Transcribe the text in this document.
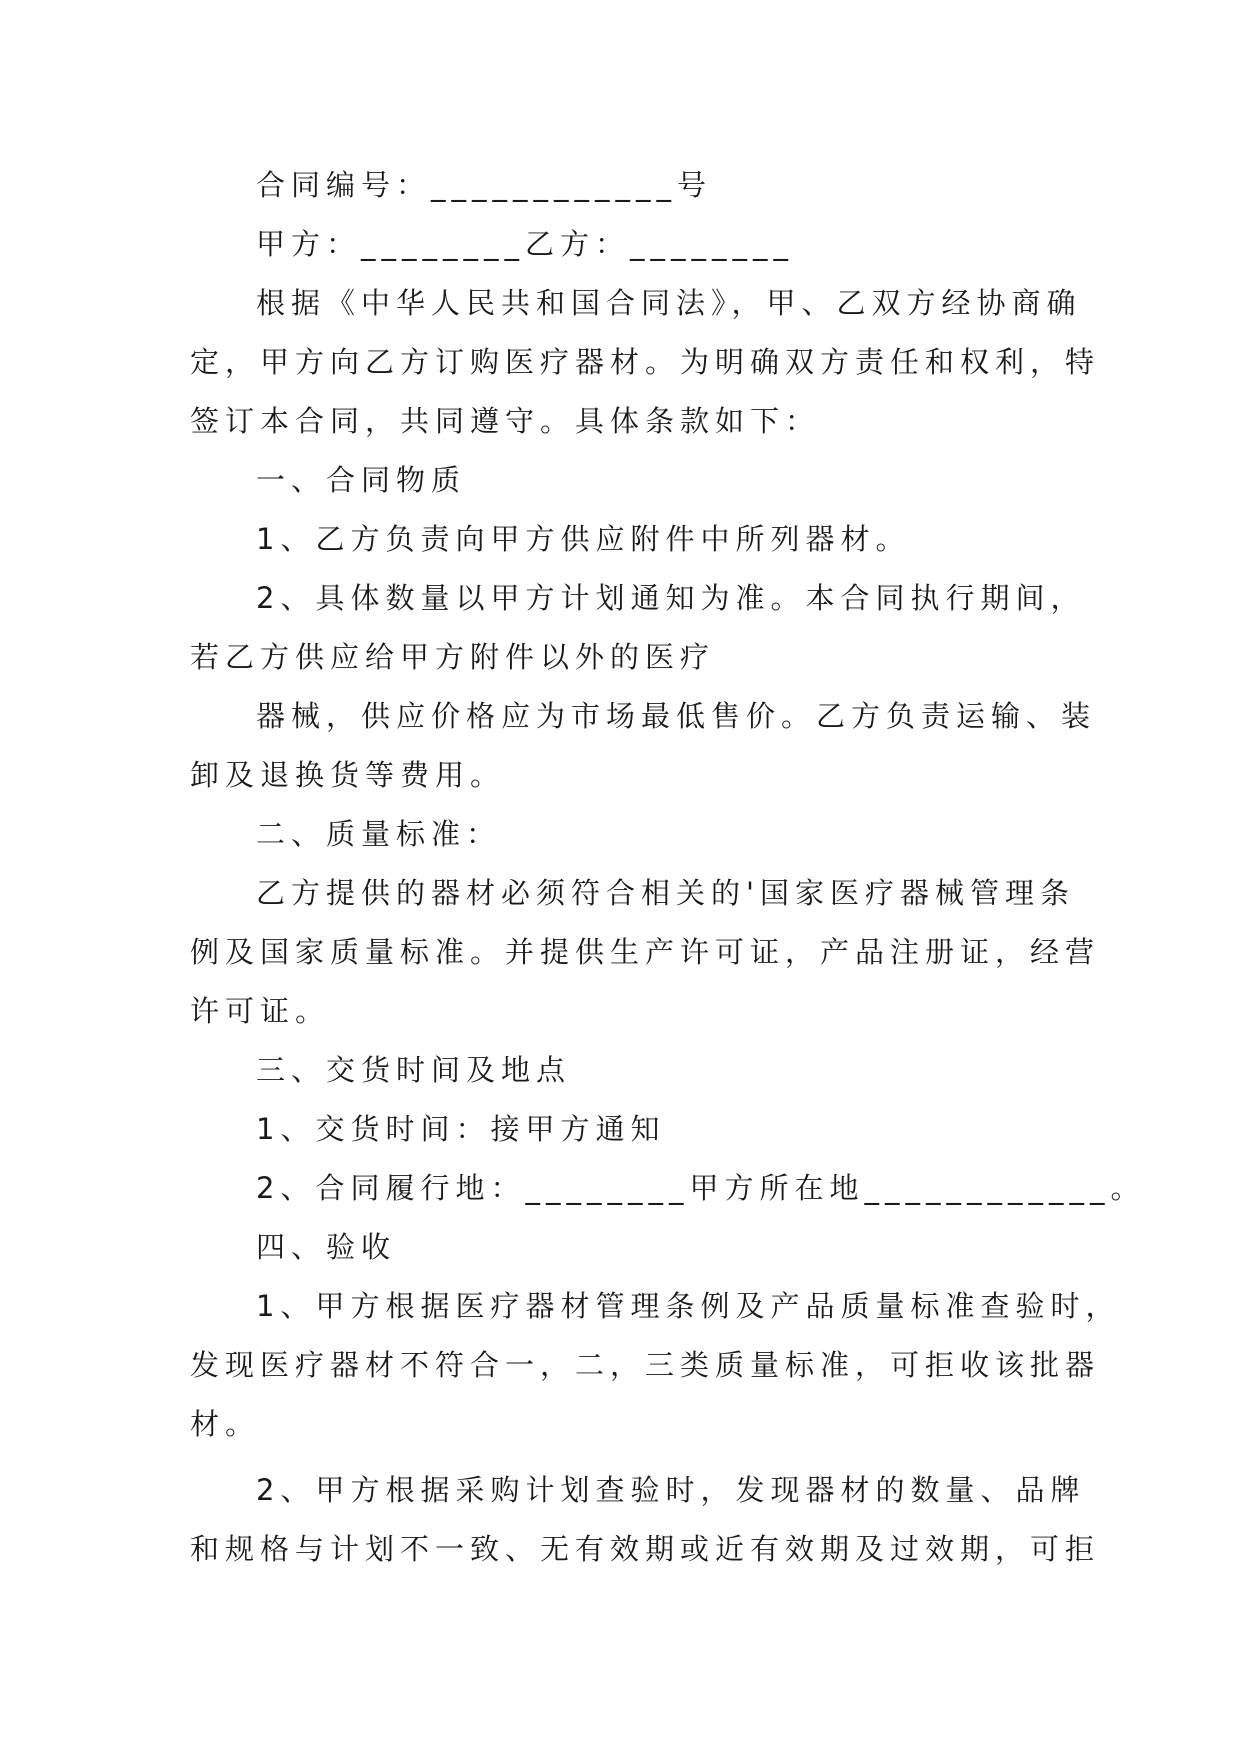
合同编号：____________号

甲方：________乙方：________

根据《中华人民共和国合同法》，甲、乙双方经协商确

定，甲方向乙方订购医疗器材。为明确双方责任和权利，特

签订本合同，共同遵守。具体条款如下：

一、合同物质

1、乙方负责向甲方供应附件中所列器材。

2、具体数量以甲方计划通知为准。本合同执行期间，

若乙方供应给甲方附件以外的医疗

器械，供应价格应为市场最低售价。乙方负责运输、装

卸及退换货等费用。

二、质量标准：

乙方提供的器材必须符合相关的'国家医疗器械管理条

例及国家质量标准。并提供生产许可证，产品注册证，经营

许可证。

三、交货时间及地点

1、交货时间：接甲方通知

2、合同履行地：________甲方所在地____________。

四、验收

1、甲方根据医疗器材管理条例及产品质量标准查验时，

发现医疗器材不符合一，二，三类质量标准，可拒收该批器

材。

2、甲方根据采购计划查验时，发现器材的数量、品牌

和规格与计划不一致、无有效期或近有效期及过效期，可拒
